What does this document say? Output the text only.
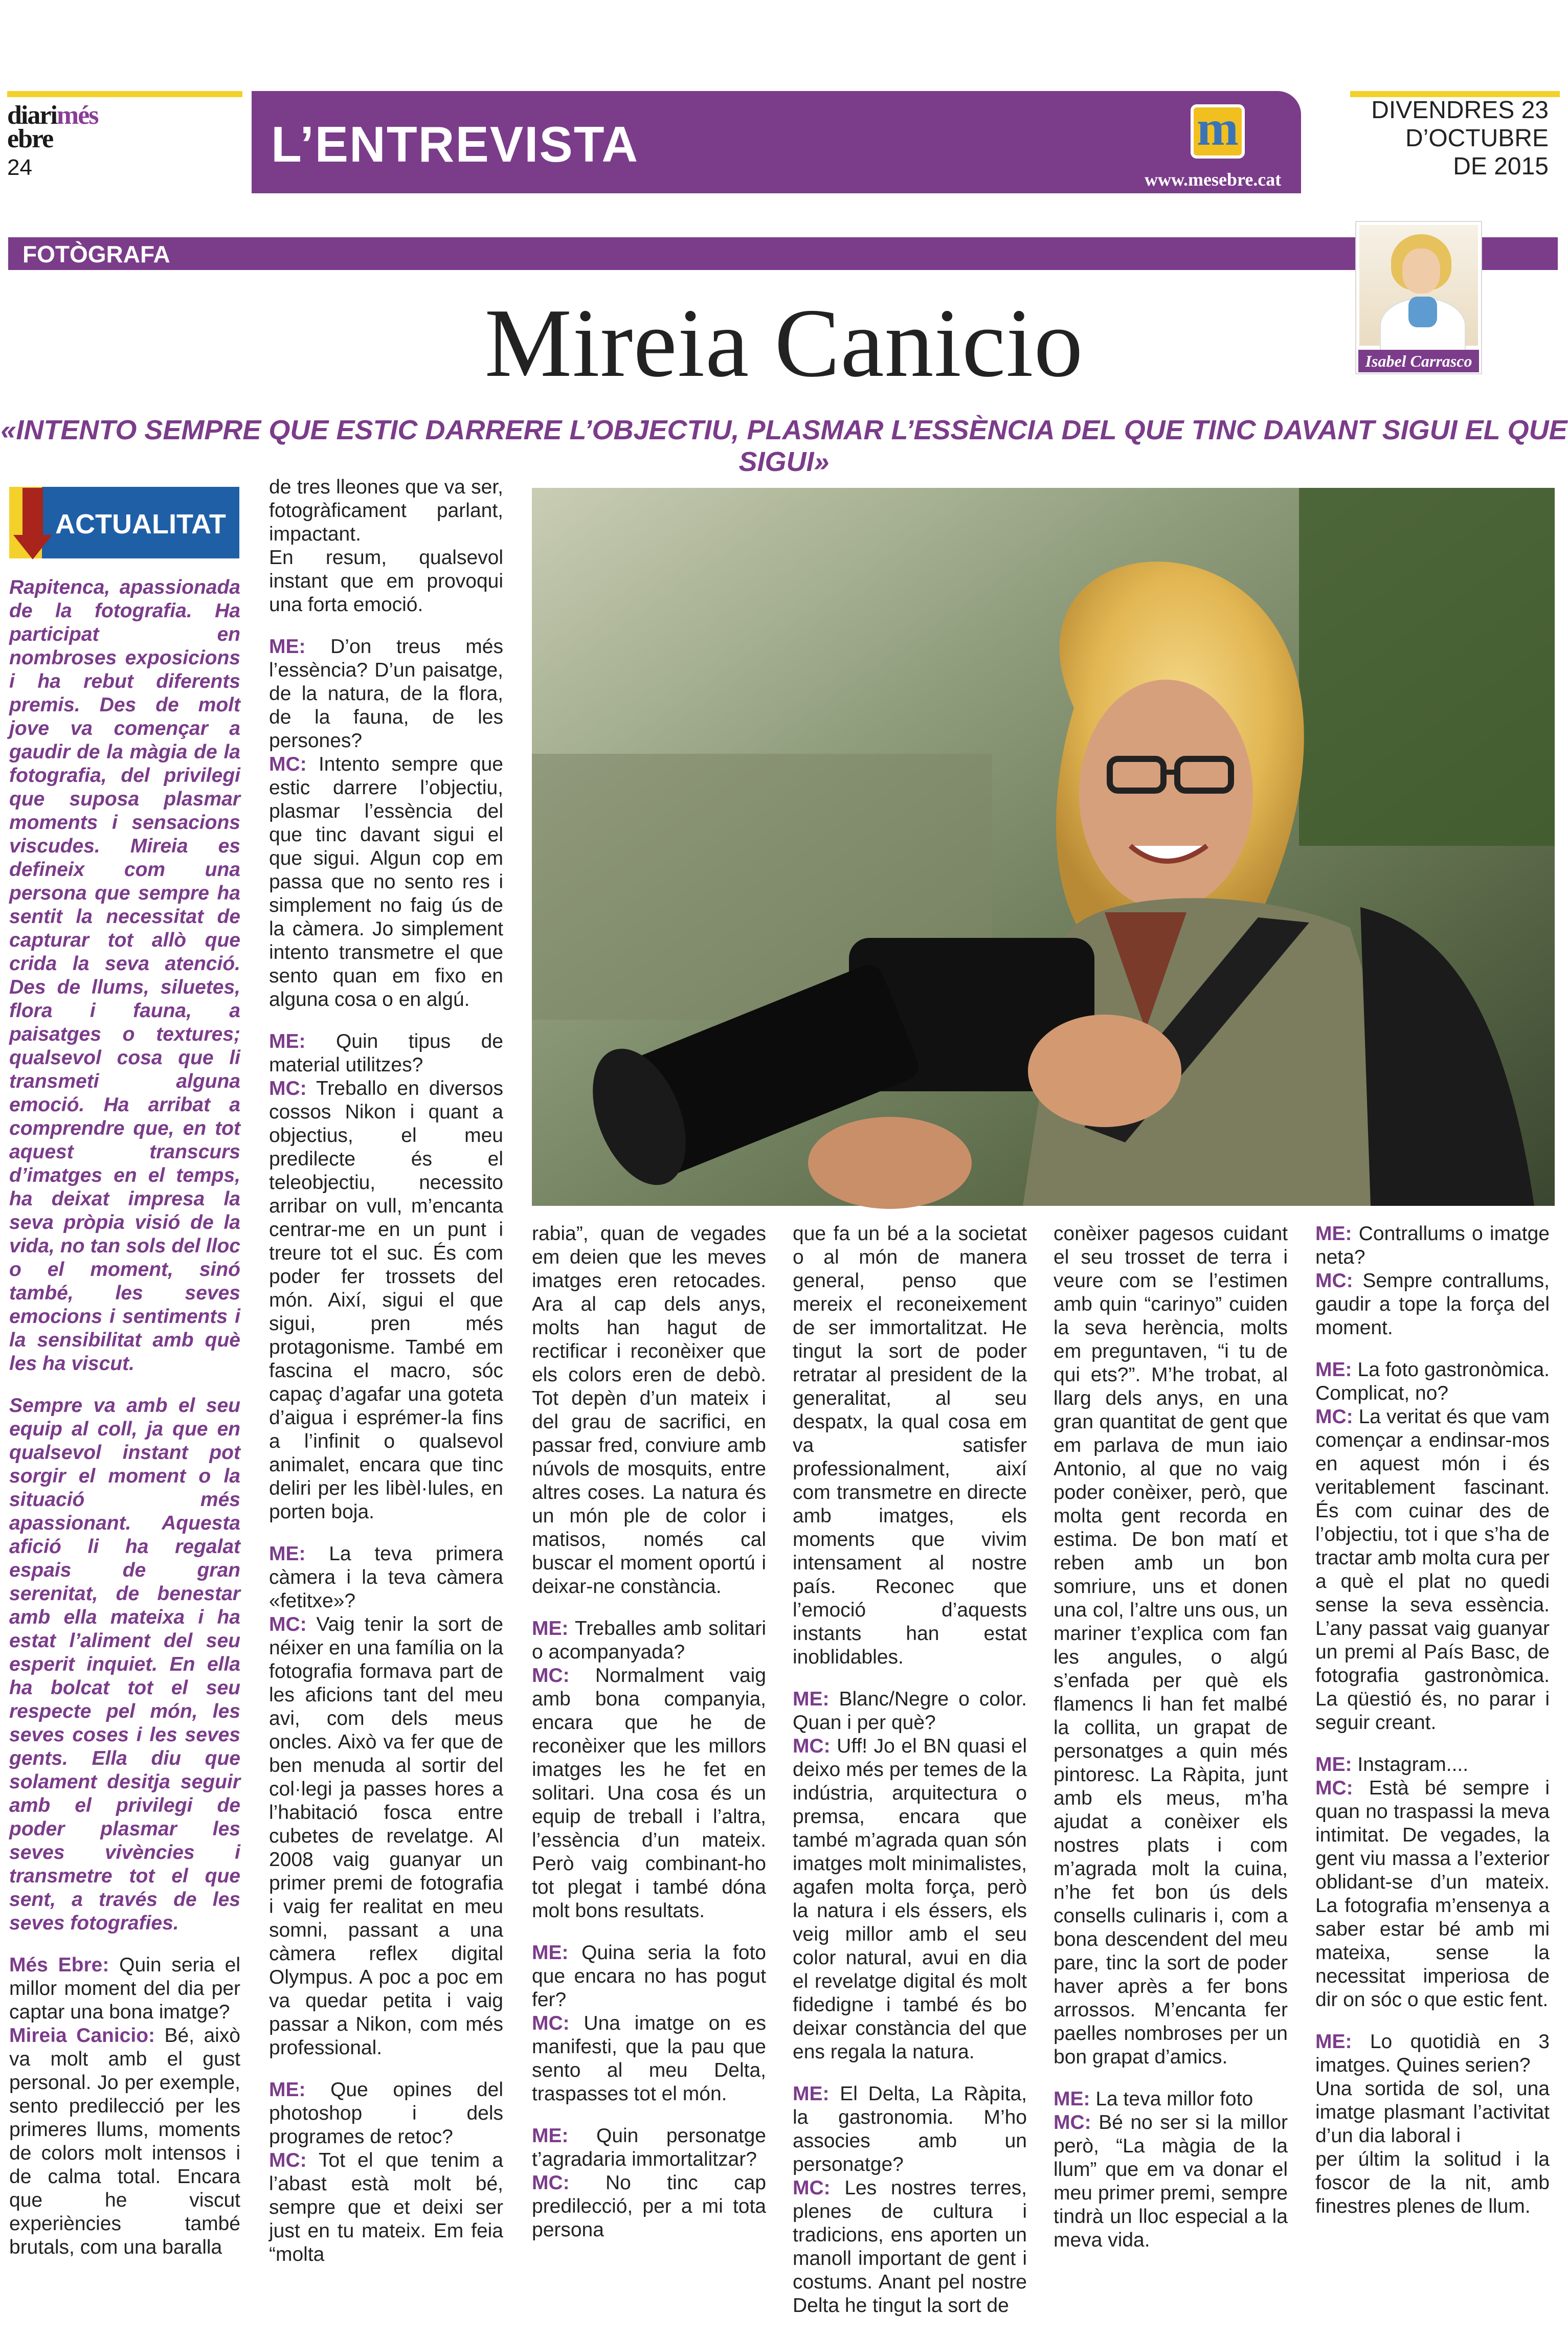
diarimés
ebre
24	L’ENTREVISTA	m
www.mesebre.cat
DIVENDRES 23
D’OCTUBRE
DE 2015
FOTÒGRAFA
Isabel Carrasco
Mireia Canicio
«INTENTO SEMPRE QUE ESTIC DARRERE L’OBJECTIU, PLASMAR L’ESSÈNCIA DEL QUE TINC DAVANT SIGUI EL QUE SIGUI»
ACTUALITAT

Rapitenca, apassionada de la fotografia. Ha participat en nombroses exposicions i ha rebut diferents premis. Des de molt jove va començar a gaudir de la màgia de la fotografia, del privilegi que suposa plasmar moments i sensacions viscudes. Mireia es defineix com una persona que sempre ha sentit la necessitat de capturar tot allò que crida la seva atenció. Des de llums, siluetes, flora i fauna, a paisatges o textures; qualsevol cosa que li transmeti alguna emoció. Ha arribat a comprendre que, en tot aquest transcurs d’imatges en el temps, ha deixat impresa la seva pròpia visió de la vida, no tan sols del lloc o el moment, sinó també, les seves emocions i sentiments i la sensibilitat amb què les ha viscut.

Sempre va amb el seu equip al coll, ja que en qualsevol instant pot sorgir el moment o la situació més apassionant. Aquesta afició li ha regalat espais de gran serenitat, de benestar amb ella mateixa i ha estat l’aliment del seu esperit inquiet. En ella ha bolcat tot el seu respecte pel món, les seves coses i les seves gents. Ella diu que solament desitja seguir amb el privilegi de poder plasmar les seves vivències i transmetre tot el que sent, a través de les seves fotografies.

Més Ebre: Quin seria el millor moment del dia per captar una bona imatge?
Mireia Canicio: Bé, això va molt amb el gust personal. Jo per exemple, sento predilecció per les primeres llums, moments de colors molt intensos i de calma total. Encara que he viscut experiències també brutals, com una baralla

de tres lleones que va ser, fotogràficament parlant, impactant.
En resum, qualsevol instant que em provoqui una forta emoció.

ME: D’on treus més l’essència? D’un paisatge, de la natura, de la flora, de la fauna, de les persones?
MC: Intento sempre que estic darrere l’objectiu, plasmar l’essència del que tinc davant sigui el que sigui. Algun cop em passa que no sento res i simplement no faig ús de la càmera. Jo simplement intento transmetre el que sento quan em fixo en alguna cosa o en algú.

ME: Quin tipus de material utilitzes?
MC: Treballo en diversos cossos Nikon i quant a objectius, el meu predilecte és el teleobjectiu, necessito arribar on vull, m’encanta centrar-me en un punt i treure tot el suc. És com poder fer trossets del món. Així, sigui el que sigui, pren més protagonisme. També em fascina el macro, sóc capaç d’agafar una goteta d’aigua i esprémer-la fins a l’infinit o qualsevol animalet, encara que tinc deliri per les libèl·lules, en porten boja.

ME: La teva primera càmera i la teva càmera «fetitxe»?
MC: Vaig tenir la sort de néixer en una família on la fotografia formava part de les aficions tant del meu avi, com dels meus oncles. Això va fer que de ben menuda al sortir del col·legi ja passes hores a l’habitació fosca entre cubetes de revelatge. Al 2008 vaig guanyar un primer premi de fotografia i vaig fer realitat en meu somni, passant a una càmera reflex digital Olympus. A poc a poc em va quedar petita i vaig passar a Nikon, com més professional.

ME: Que opines del photoshop i dels programes de retoc?
MC: Tot el que tenim a l’abast està molt bé, sempre que et deixi ser just en tu mateix. Em feia “molta

rabia”, quan de vegades em deien que les meves imatges eren retocades. Ara al cap dels anys, molts han hagut de rectificar i reconèixer que els colors eren de debò. Tot depèn d’un mateix i del grau de sacrifici, en passar fred, conviure amb núvols de mosquits, entre altres coses. La natura és un món ple de color i matisos, només cal buscar el moment oportú i deixar-ne constància.

ME: Treballes amb solitari o acompanyada?
MC: Normalment vaig amb bona companyia, encara que he de reconèixer que les millors imatges les he fet en solitari. Una cosa és un equip de treball i l’altra, l’essència d’un mateix. Però vaig combinant-ho tot plegat i també dóna molt bons resultats.

ME: Quina seria la foto que encara no has pogut fer?
MC: Una imatge on es manifesti, que la pau que sento al meu Delta, traspasses tot el món.

ME: Quin personatge t’agradaria immortalitzar?
MC: No tinc cap predilecció, per a mi tota persona

que fa un bé a la societat o al món de manera general, penso que mereix el reconeixement de ser immortalitzat. He tingut la sort de poder retratar al president de la generalitat, al seu despatx, la qual cosa em va satisfer professionalment, així com transmetre en directe amb imatges, els moments que vivim intensament al nostre país. Reconec que l’emoció d’aquests instants han estat inoblidables.

ME: Blanc/Negre o color. Quan i per què?
MC: Uff! Jo el BN quasi el deixo més per temes de la indústria, arquitectura o premsa, encara que també m’agrada quan són imatges molt minimalistes, agafen molta força, però la natura i els éssers, els veig millor amb el seu color natural, avui en dia el revelatge digital és molt fidedigne i també és bo deixar constància del que ens regala la natura.

ME: El Delta, La Ràpita, la gastronomia. M’ho associes amb un personatge?
MC: Les nostres terres, plenes de cultura i tradicions, ens aporten un manoll important de gent i costums. Anant pel nostre Delta he tingut la sort de

conèixer pagesos cuidant el seu trosset de terra i veure com se l’estimen amb quin “carinyo” cuiden la seva herència, molts em preguntaven, “i tu de qui ets?”. M’he trobat, al llarg dels anys, en una gran quantitat de gent que em parlava de mun iaio Antonio, al que no vaig poder conèixer, però, que molta gent recorda en estima. De bon matí et reben amb un bon somriure, uns et donen una col, l’altre uns ous, un mariner t’explica com fan les angules, o algú s’enfada per què els flamencs li han fet malbé la collita, un grapat de personatges a quin més pintoresc. La Ràpita, junt amb els meus, m’ha ajudat a conèixer els nostres plats i com m’agrada molt la cuina, n’he fet bon ús dels consells culinaris i, com a bona descendent del meu pare, tinc la sort de poder haver après a fer bons arrossos. M’encanta fer paelles nombroses per un bon grapat d’amics.

ME: La teva millor foto
MC: Bé no ser si la millor però, “La màgia de la llum” que em va donar el meu primer premi, sempre tindrà un lloc especial a la meva vida.

ME: Contrallums o imatge neta?
MC: Sempre contrallums, gaudir a tope la força del moment.

ME: La foto gastronòmica. Complicat, no?
MC: La veritat és que vam començar a endinsar-mos en aquest món i és veritablement fascinant. És com cuinar des de l’objectiu, tot i que s’ha de tractar amb molta cura per a què el plat no quedi sense la seva essència. L’any passat vaig guanyar un premi al País Basc, de fotografia gastronòmica. La qüestió és, no parar i seguir creant.

ME: Instagram....
MC: Està bé sempre i quan no traspassi la meva intimitat. De vegades, la gent viu massa a l’exterior oblidant-se d’un mateix. La fotografia m’ensenya a saber estar bé amb mi mateixa, sense la necessitat imperiosa de dir on sóc o que estic fent.

ME: Lo quotidià en 3 imatges. Quines serien?
Una sortida de sol, una imatge plasmant l’activitat d’un dia laboral i
per últim la solitud i la foscor de la nit, amb finestres plenes de llum.
